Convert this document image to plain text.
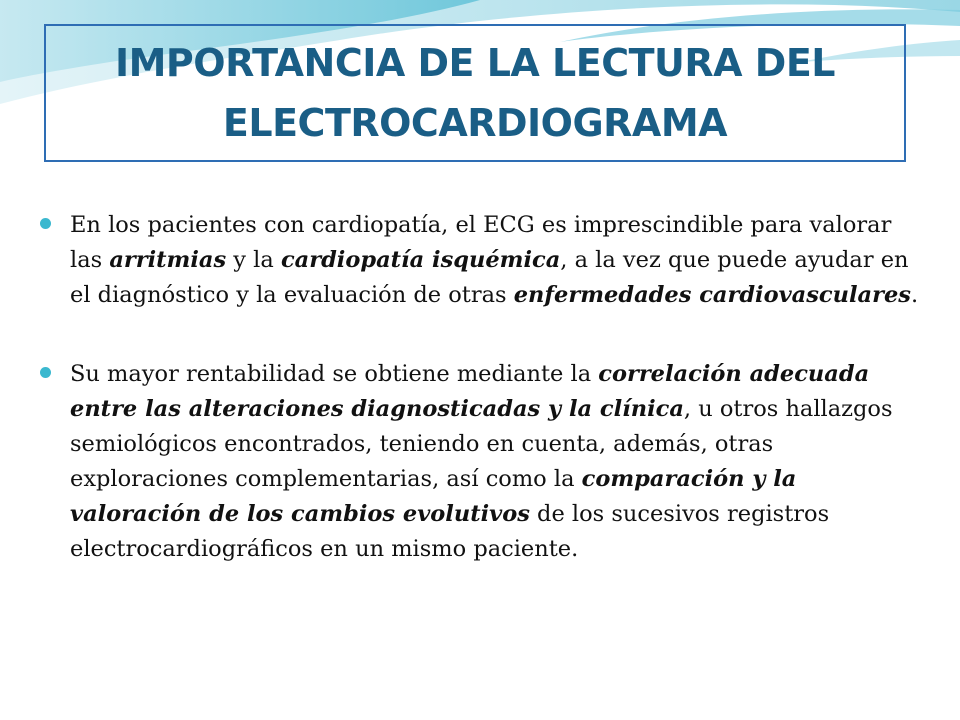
IMPORTANCIA DE LA LECTURA DEL
ELECTROCARDIOGRAMA

En los pacientes con cardiopatía, el ECG es imprescindible para valorar las arritmias y la cardiopatía isquémica, a la vez que puede ayudar en el diagnóstico y la evaluación de otras enfermedades cardiovasculares.

Su mayor rentabilidad se obtiene mediante la correlación adecuada entre las alteraciones diagnosticadas y la clínica, u otros hallazgos semiológicos encontrados, teniendo en cuenta, además, otras exploraciones complementarias, así como la comparación y la valoración de los cambios evolutivos de los sucesivos registros electrocardiográficos en un mismo paciente.
